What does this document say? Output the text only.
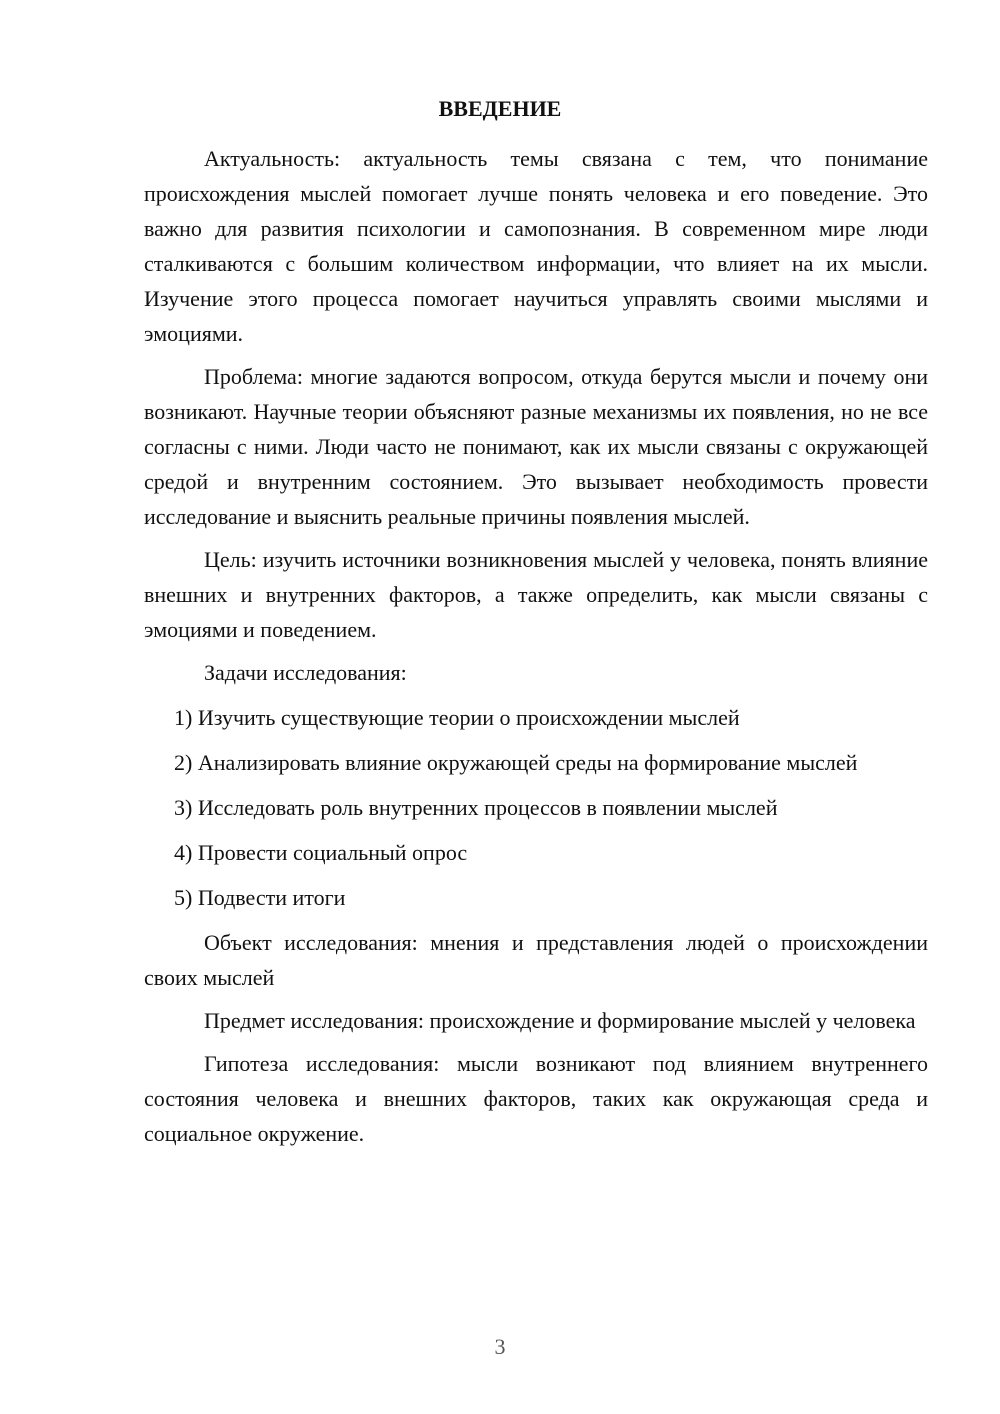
ВВЕДЕНИЕ

Актуальность: актуальность темы связана с тем, что понимание происхождения мыслей помогает лучше понять человека и его поведение. Это важно для развития психологии и самопознания. В современном мире люди сталкиваются с большим количеством информации, что влияет на их мысли. Изучение этого процесса помогает научиться управлять своими мыслями и эмоциями.

Проблема: многие задаются вопросом, откуда берутся мысли и почему они возникают. Научные теории объясняют разные механизмы их появления, но не все согласны с ними. Люди часто не понимают, как их мысли связаны с окружающей средой и внутренним состоянием. Это вызывает необходимость провести исследование и выяснить реальные причины появления мыслей.

Цель: изучить источники возникновения мыслей у человека, понять влияние внешних и внутренних факторов, а также определить, как мысли связаны с эмоциями и поведением.

Задачи исследования:

1) Изучить существующие теории о происхождении мыслей

2) Анализировать влияние окружающей среды на формирование мыслей

3) Исследовать роль внутренних процессов в появлении мыслей

4) Провести социальный опрос

5) Подвести итоги

Объект исследования: мнения и представления людей о происхождении своих мыслей

Предмет исследования: происхождение и формирование мыслей у человека

Гипотеза исследования: мысли возникают под влиянием внутреннего состояния человека и внешних факторов, таких как окружающая среда и социальное окружение.

3
